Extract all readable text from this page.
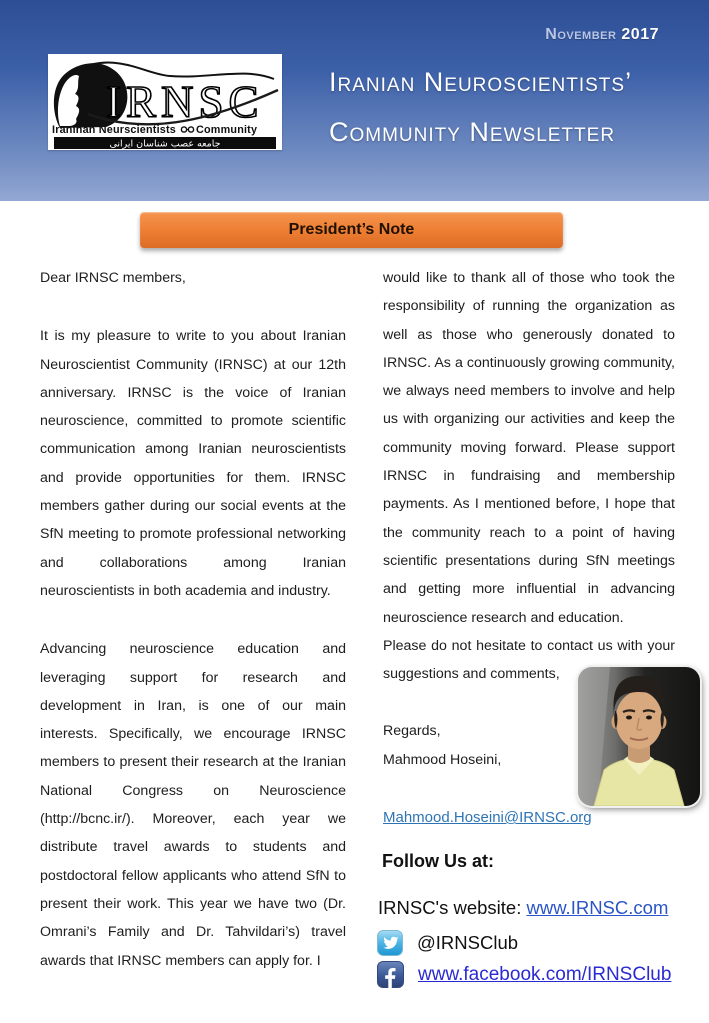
November 2017
IRNSC
Iraninan Neurscientists Community
جامعه عصب شناسان ایرانی
Iranian Neuroscientists’
Community Newsletter
President’s Note

Dear IRNSC members,

It is my pleasure to write to you about Iranian Neuroscientist Community (IRNSC) at our 12th anniversary. IRNSC is the voice of Iranian neuroscience, committed to promote scientific communication among Iranian neuroscientists and provide opportunities for them. IRNSC members gather during our social events at the SfN meeting to promote professional networking and collaborations among Iranian neuroscientists in both academia and industry.

Advancing neuroscience education and leveraging support for research and development in Iran, is one of our main interests. Specifically, we encourage IRNSC members to present their research at the Iranian National Congress on Neuroscience (http://bcnc.ir/). Moreover, each year we distribute travel awards to students and postdoctoral fellow applicants who attend SfN to present their work. This year we have two (Dr. Omrani’s Family and Dr. Tahvildari’s) travel awards that IRNSC members can apply for. I

would like to thank all of those who took the responsibility of running the organization as well as those who generously donated to IRNSC. As a continuously growing community, we always need members to involve and help us with organizing our activities and keep the community moving forward. Please support IRNSC in fundraising and membership payments. As I mentioned before, I hope that the community reach to a point of having scientific presentations during SfN meetings and getting more influential in advancing neuroscience research and education.

Please do not hesitate to contact us with your suggestions and comments,

Regards,

Mahmood Hoseini,

Mahmood.Hoseini@IRNSC.org
Follow Us at:
IRNSC's website: www.IRNSC.com
@IRNSClub
www.facebook.com/IRNSClub
